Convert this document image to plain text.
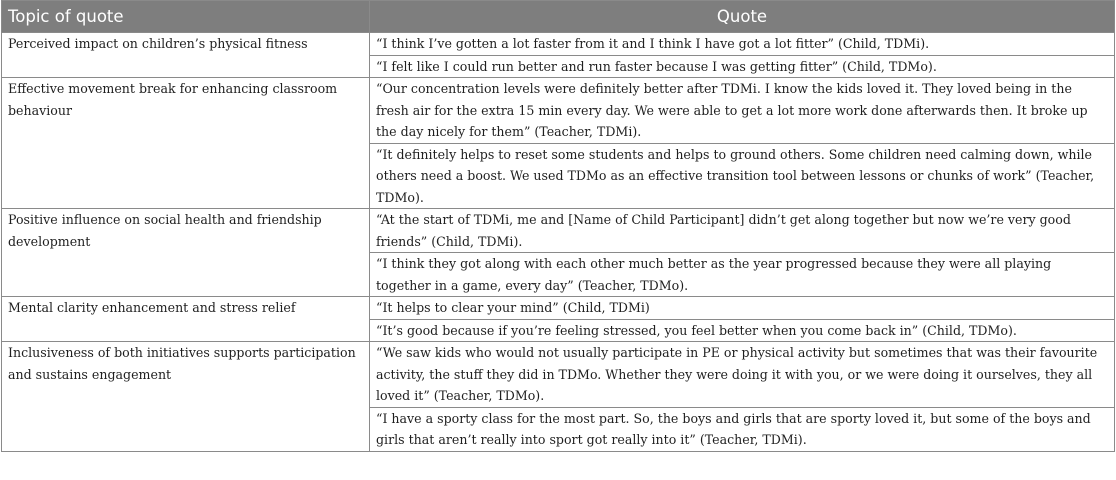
Topic of quote	Quote
Perceived impact on children’s physical fitness	“I think I’ve gotten a lot faster from it and I think I have got a lot fitter” (Child, TDMi).
	“I felt like I could run better and run faster because I was getting fitter” (Child, TDMo).
Effective movement break for enhancing classroom behaviour	“Our concentration levels were definitely better after TDMi. I know the kids loved it. They loved being in the fresh air for the extra 15 min every day. We were able to get a lot more work done afterwards then. It broke up the day nicely for them” (Teacher, TDMi).
	“It definitely helps to reset some students and helps to ground others. Some children need calming down, while others need a boost. We used TDMo as an effective transition tool between lessons or chunks of work” (Teacher, TDMo).
Positive influence on social health and friendship development	“At the start of TDMi, me and [Name of Child Participant] didn’t get along together but now we’re very good friends” (Child, TDMi).
	“I think they got along with each other much better as the year progressed because they were all playing together in a game, every day” (Teacher, TDMo).
Mental clarity enhancement and stress relief	“It helps to clear your mind” (Child, TDMi)
	“It’s good because if you’re feeling stressed, you feel better when you come back in” (Child, TDMo).
Inclusiveness of both initiatives supports participation and sustains engagement	“We saw kids who would not usually participate in PE or physical activity but sometimes that was their favourite activity, the stuff they did in TDMo. Whether they were doing it with you, or we were doing it ourselves, they all loved it” (Teacher, TDMo).
	“I have a sporty class for the most part. So, the boys and girls that are sporty loved it, but some of the boys and girls that aren’t really into sport got really into it” (Teacher, TDMi).
